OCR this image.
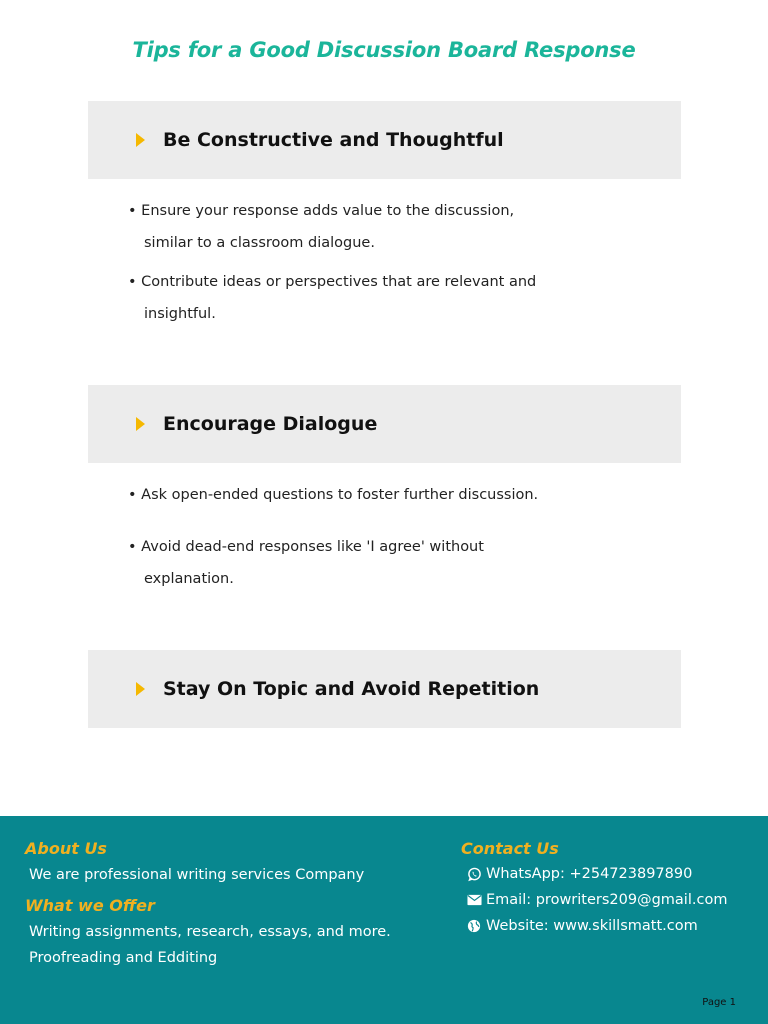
Tips for a Good Discussion Board Response
Be Constructive and Thoughtful
• Ensure your response adds value to the discussion,
similar to a classroom dialogue.
• Contribute ideas or perspectives that are relevant and
insightful.
Encourage Dialogue
• Ask open-ended questions to foster further discussion.
• Avoid dead-end responses like 'I agree' without
explanation.
Stay On Topic and Avoid Repetition
About Us
We are professional writing services Company
What we Offer
Writing assignments, research, essays, and more.
Proofreading and Edditing
Contact Us
WhatsApp: +254723897890
Email: prowriters209@gmail.com
Website: www.skillsmatt.com
Page 1
